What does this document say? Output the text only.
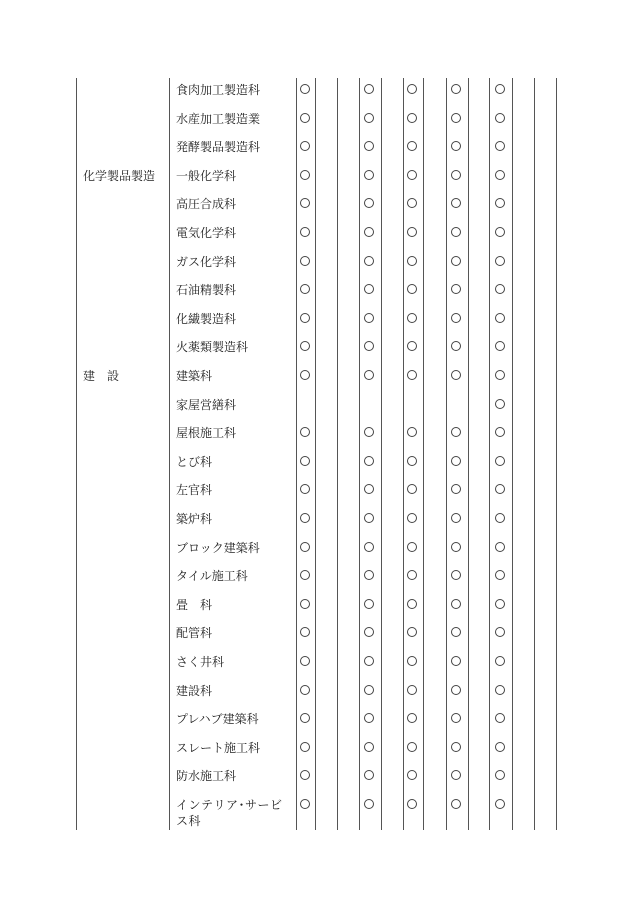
食肉加工製造科
水産加工製造業
発酵製品製造科
化学製品製造 一般化学科
高圧合成科
電気化学科
ガス化学科
石油精製科
化繊製造科
火薬類製造科
建　設	建築科
家屋営繕科
屋根施工科
とび科
左官科
築炉科
ブロック建築科
タイル施工科
畳　科
配管科
さく井科
建設科
プレハブ建築科
スレート施工科
防水施工科
インテリア･サービス科
